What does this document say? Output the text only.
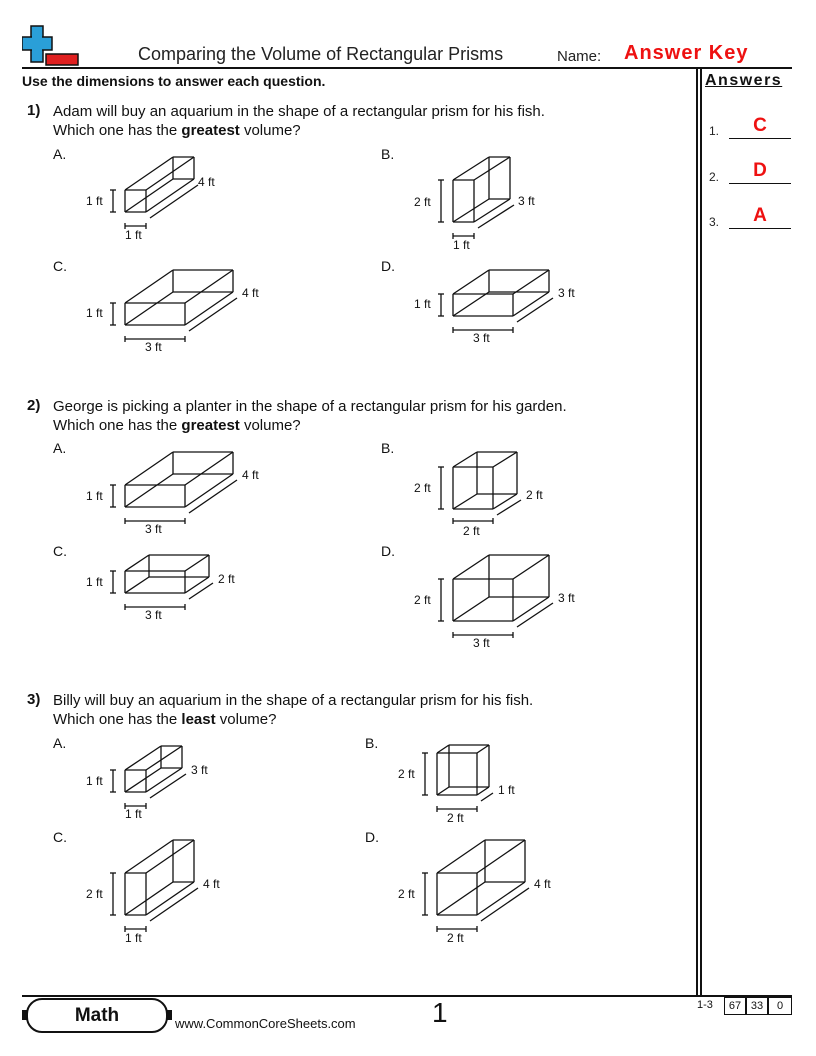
Comparing the Volume of Rectangular Prisms	Name: Answer Key
Use the dimensions to answer each question.	Answers
1.	C
2.	D
3.	A
1) Adam will buy an aquarium in the shape of a rectangular prism for his fish.
Which one has the greatest volume?
A.
1 ft
1 ft
4 ft
B.
2 ft
1 ft
3 ft
C.
1 ft
3 ft
4 ft
D.
1 ft
3 ft
3 ft
2) George is picking a planter in the shape of a rectangular prism for his garden.
Which one has the greatest volume?
A.
1 ft
3 ft
4 ft
B.
2 ft
2 ft
2 ft
C.
1 ft
3 ft
2 ft
D.
2 ft
3 ft
3 ft
3) Billy will buy an aquarium in the shape of a rectangular prism for his fish.
Which one has the least volume?
A.
1 ft
1 ft
3 ft
B.
2 ft
2 ft
1 ft
C.
2 ft
1 ft
4 ft
D.
2 ft
2 ft
4 ft
Math	www.CommonCoreSheets.com	1	1-3	67 33	0
